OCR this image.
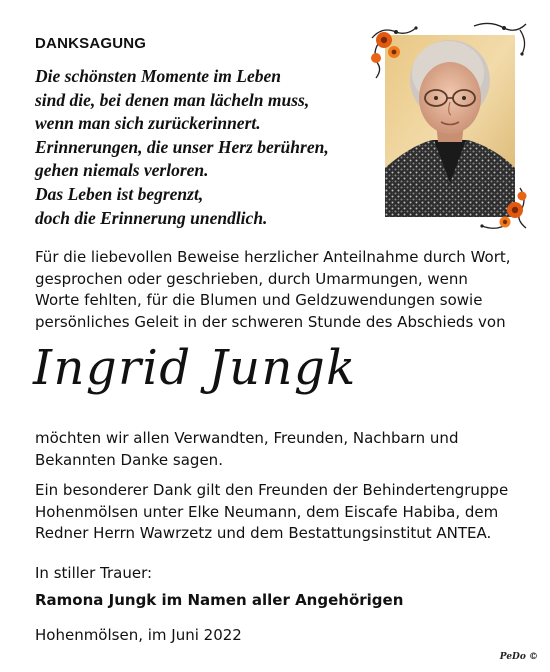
DANKSAGUNG
Die schönsten Momente im Leben
sind die, bei denen man lächeln muss,
wenn man sich zurückerinnert.
Erinnerungen, die unser Herz berühren,
gehen niemals verloren.
Das Leben ist begrenzt,
doch die Erinnerung unendlich.
Für die liebevollen Beweise herzlicher Anteilnahme durch Wort,
gesprochen oder geschrieben, durch Umarmungen, wenn
Worte fehlten, für die Blumen und Geldzuwendungen sowie
persönliches Geleit in der schweren Stunde des Abschieds von
Ingrid Jungk
möchten wir allen Verwandten, Freunden, Nachbarn und
Bekannten Danke sagen.
Ein besonderer Dank gilt den Freunden der Behindertengruppe
Hohenmölsen unter Elke Neumann, dem Eiscafe Habiba, dem
Redner Herrn Wawrzetz und dem Bestattungsinstitut ANTEA.
In stiller Trauer:
Ramona Jungk im Namen aller Angehörigen
Hohenmölsen, im Juni 2022
PeDo ©
